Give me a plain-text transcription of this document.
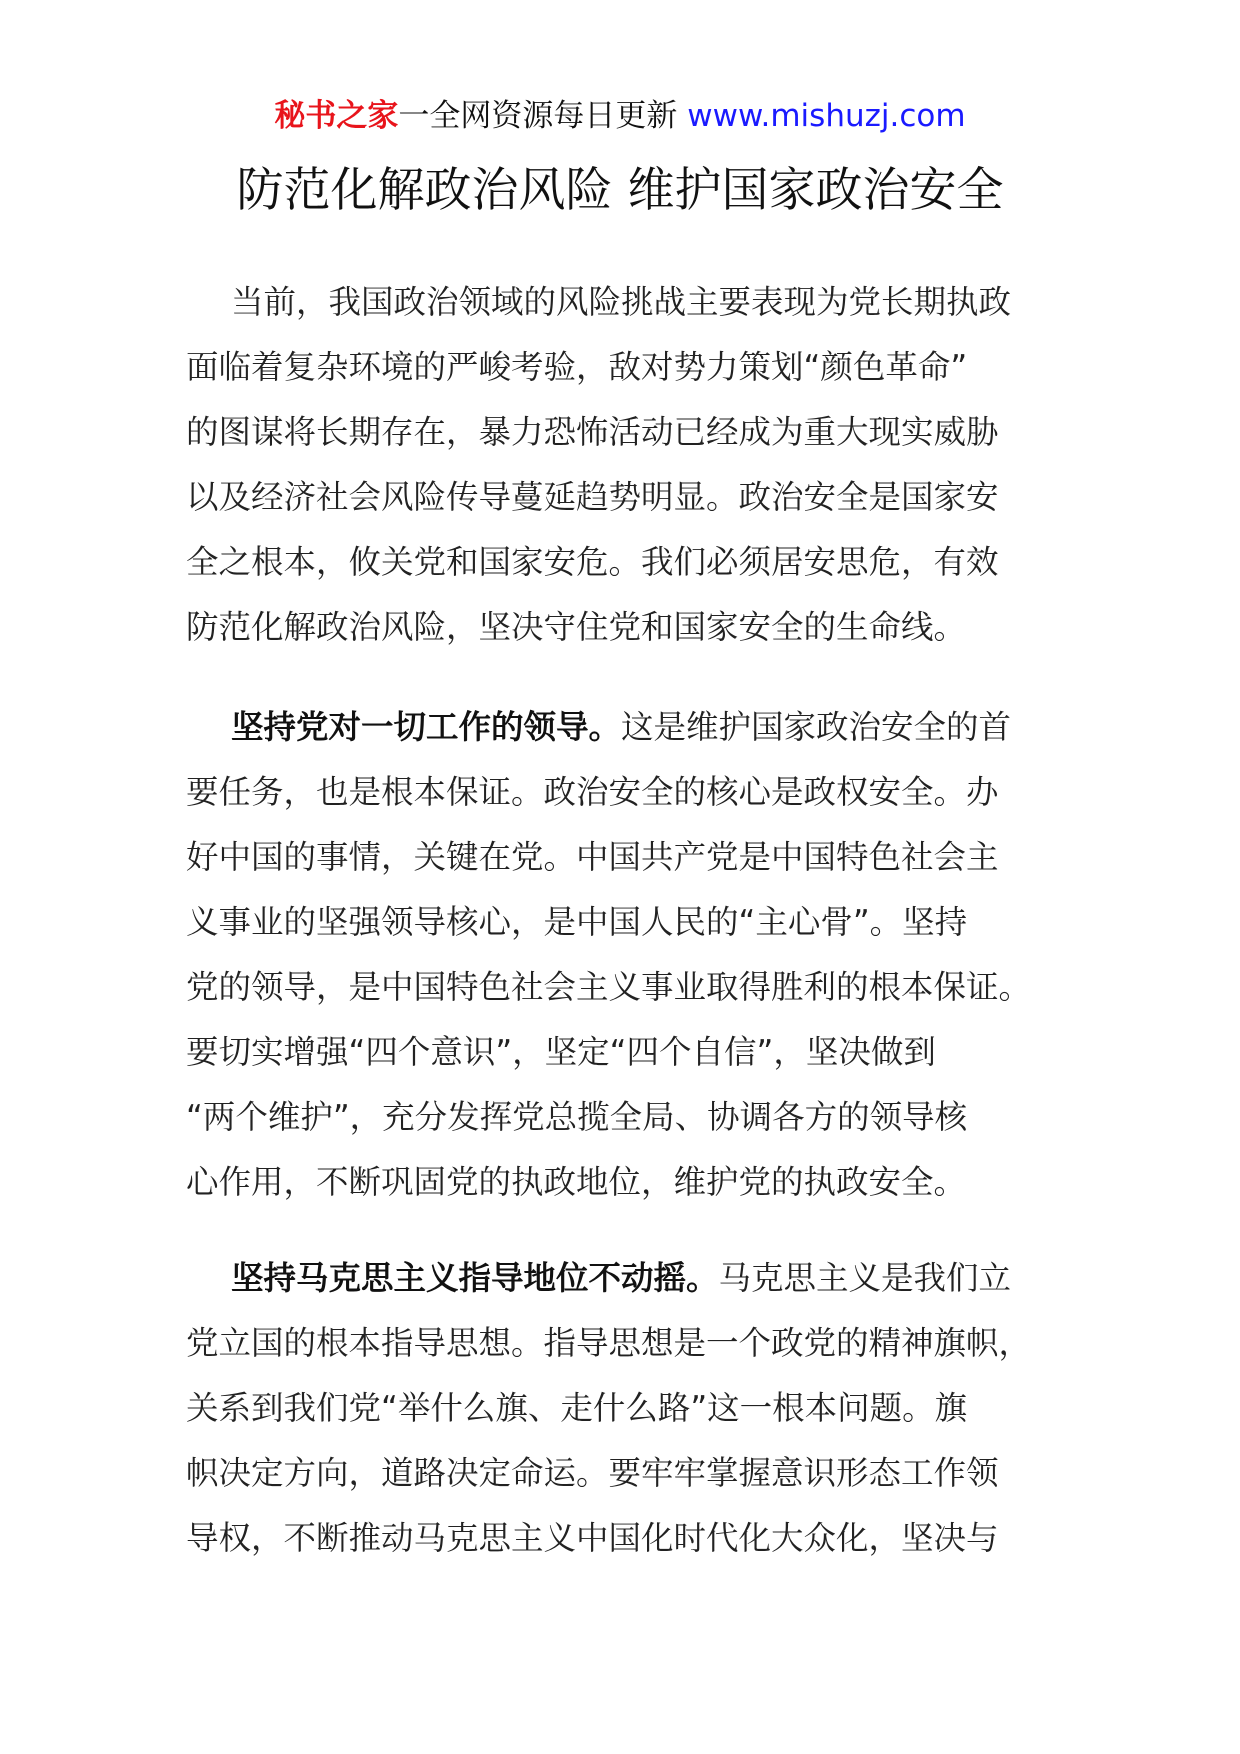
秘书之家一全网资源每日更新 www.mishuzj.com
防范化解政治风险 维护国家政治安全
当前，我国政治领域的风险挑战主要表现为党长期执政
面临着复杂环境的严峻考验，敌对势力策划“颜色革命”
的图谋将长期存在，暴力恐怖活动已经成为重大现实威胁
以及经济社会风险传导蔓延趋势明显。政治安全是国家安
全之根本，攸关党和国家安危。我们必须居安思危，有效
防范化解政治风险，坚决守住党和国家安全的生命线。
坚持党对一切工作的领导。这是维护国家政治安全的首
要任务，也是根本保证。政治安全的核心是政权安全。办
好中国的事情，关键在党。中国共产党是中国特色社会主
义事业的坚强领导核心，是中国人民的“主心骨”。坚持
党的领导，是中国特色社会主义事业取得胜利的根本保证。
要切实增强“四个意识”，坚定“四个自信”，坚决做到
“两个维护”，充分发挥党总揽全局、协调各方的领导核
心作用，不断巩固党的执政地位，维护党的执政安全。
坚持马克思主义指导地位不动摇。马克思主义是我们立
党立国的根本指导思想。指导思想是一个政党的精神旗帜，
关系到我们党“举什么旗、走什么路”这一根本问题。旗
帜决定方向，道路决定命运。要牢牢掌握意识形态工作领
导权，不断推动马克思主义中国化时代化大众化，坚决与
